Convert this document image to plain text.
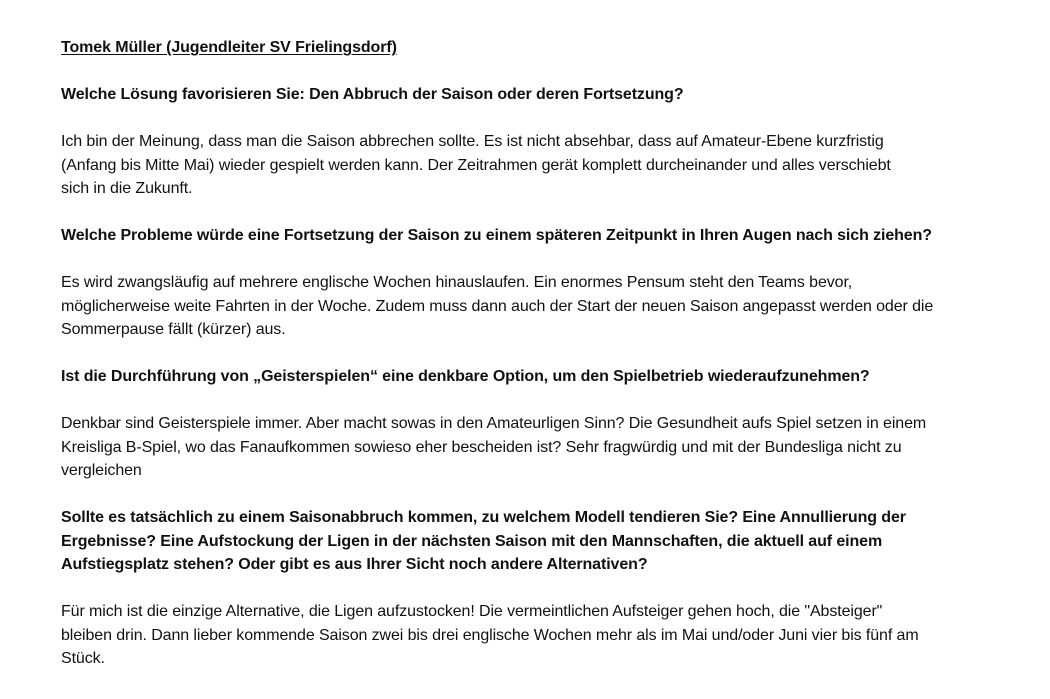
Tomek Müller (Jugendleiter SV Frielingsdorf)

Welche Lösung favorisieren Sie: Den Abbruch der Saison oder deren Fortsetzung?

Ich bin der Meinung, dass man die Saison abbrechen sollte. Es ist nicht absehbar, dass auf Amateur-Ebene kurzfristig
(Anfang bis Mitte Mai) wieder gespielt werden kann. Der Zeitrahmen gerät komplett durcheinander und alles verschiebt
sich in die Zukunft.

Welche Probleme würde eine Fortsetzung der Saison zu einem späteren Zeitpunkt in Ihren Augen nach sich ziehen?

Es wird zwangsläufig auf mehrere englische Wochen hinauslaufen. Ein enormes Pensum steht den Teams bevor,
möglicherweise weite Fahrten in der Woche. Zudem muss dann auch der Start der neuen Saison angepasst werden oder die
Sommerpause fällt (kürzer) aus.

Ist die Durchführung von „Geisterspielen“ eine denkbare Option, um den Spielbetrieb wiederaufzunehmen?

Denkbar sind Geisterspiele immer. Aber macht sowas in den Amateurligen Sinn? Die Gesundheit aufs Spiel setzen in einem
Kreisliga B-Spiel, wo das Fanaufkommen sowieso eher bescheiden ist? Sehr fragwürdig und mit der Bundesliga nicht zu
vergleichen

Sollte es tatsächlich zu einem Saisonabbruch kommen, zu welchem Modell tendieren Sie? Eine Annullierung der
Ergebnisse? Eine Aufstockung der Ligen in der nächsten Saison mit den Mannschaften, die aktuell auf einem
Aufstiegsplatz stehen? Oder gibt es aus Ihrer Sicht noch andere Alternativen?

Für mich ist die einzige Alternative, die Ligen aufzustocken! Die vermeintlichen Aufsteiger gehen hoch, die "Absteiger"
bleiben drin. Dann lieber kommende Saison zwei bis drei englische Wochen mehr als im Mai und/oder Juni vier bis fünf am
Stück.
